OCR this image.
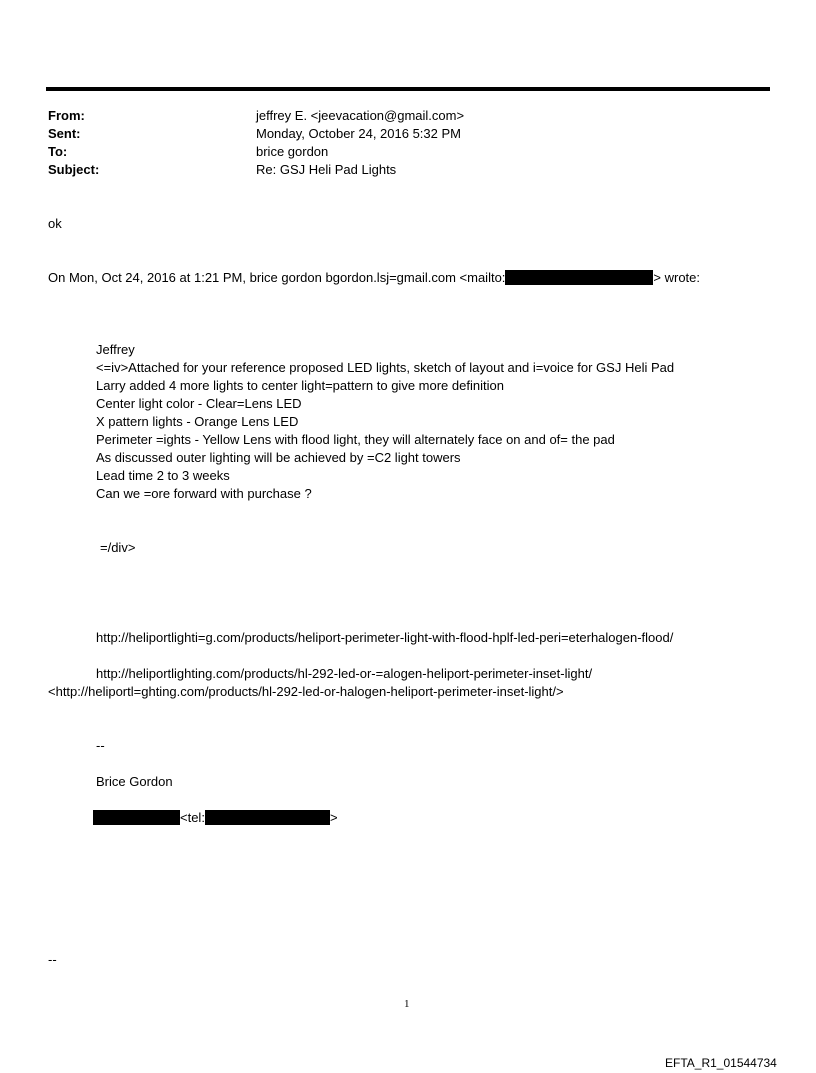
From:	jeffrey E. <jeevacation@gmail.com>
Sent:	Monday, October 24, 2016 5:32 PM
To:	brice gordon
Subject:	Re: GSJ Heli Pad Lights
ok
On Mon, Oct 24, 2016 at 1:21 PM, brice gordon bgordon.lsj=gmail.com <mailto:	> wrote:
Jeffrey
<=iv>Attached for your reference proposed LED lights, sketch of layout and i=voice for GSJ Heli Pad
Larry added 4 more lights to center light=pattern to give more definition
Center light color - Clear=Lens LED
X pattern lights - Orange Lens LED
Perimeter =ights - Yellow Lens with flood light, they will alternately face on and of= the pad
As discussed outer lighting will be achieved by =C2 light towers
Lead time 2 to 3 weeks
Can we =ore forward with purchase ?
=/div>
http://heliportlighti=g.com/products/heliport-perimeter-light-with-flood-hplf-led-peri=eterhalogen-flood/
http://heliportlighting.com/products/hl-292-led-or-=alogen-heliport-perimeter-inset-light/
<http://heliportl=ghting.com/products/hl-292-led-or-halogen-heliport-perimeter-inset-light/>
--
Brice Gordon
<tel:	>
--
1
EFTA_R1_01544734
